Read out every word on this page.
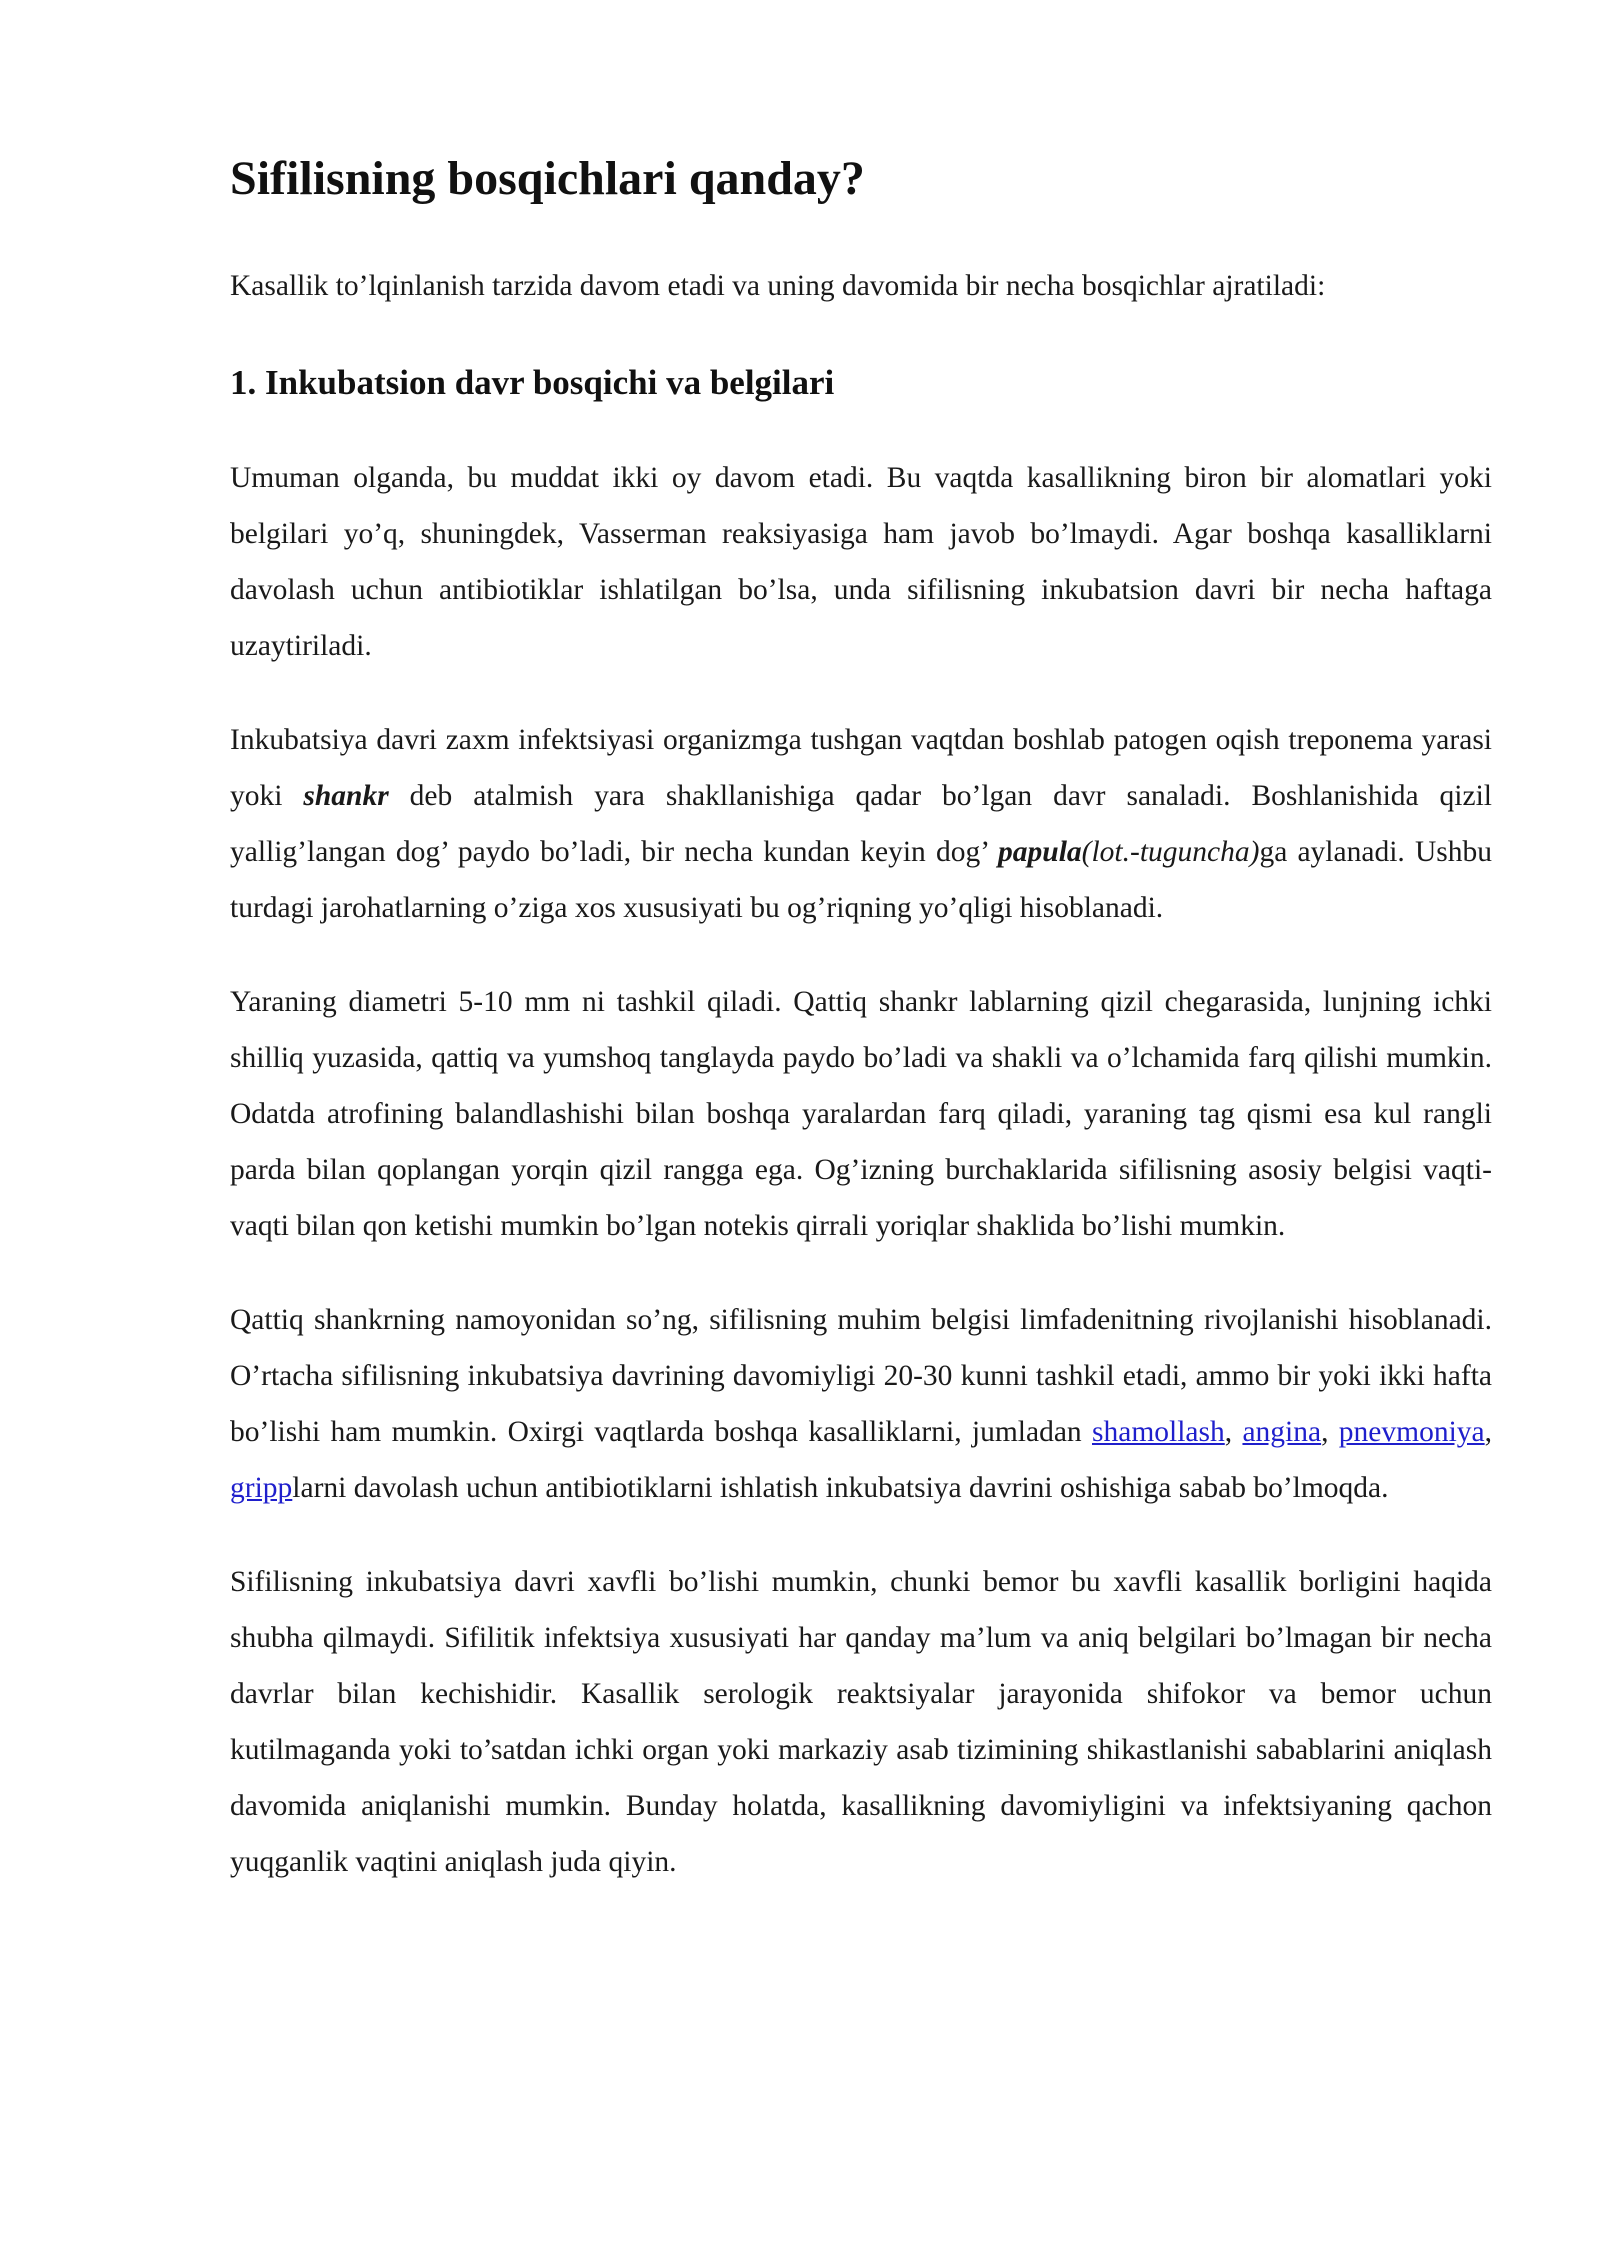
Sifilisning bosqichlari qanday?

Kasallik to’lqinlanish tarzida davom etadi va uning davomida bir necha bosqichlar ajratiladi:

1. Inkubatsion davr bosqichi va belgilari

Umuman olganda, bu muddat ikki oy davom etadi. Bu vaqtda kasallikning biron bir alomatlari yoki belgilari yo’q, shuningdek, Vasserman reaksiyasiga ham javob bo’lmaydi. Agar boshqa kasalliklarni davolash uchun antibiotiklar ishlatilgan bo’lsa, unda sifilisning inkubatsion davri bir necha haftaga uzaytiriladi.

Inkubatsiya davri zaxm infektsiyasi organizmga tushgan vaqtdan boshlab patogen oqish treponema yarasi yoki shankr deb atalmish yara shakllanishiga qadar bo’lgan davr sanaladi. Boshlanishida qizil yallig’langan dog’ paydo bo’ladi, bir necha kundan keyin dog’ papula(lot.-tuguncha)ga aylanadi. Ushbu turdagi jarohatlarning o’ziga xos xususiyati bu og’riqning yo’qligi hisoblanadi.

Yaraning diametri 5-10 mm ni tashkil qiladi. Qattiq shankr lablarning qizil chegarasida, lunjning ichki shilliq yuzasida, qattiq va yumshoq tanglayda paydo bo’ladi va shakli va o’lchamida farq qilishi mumkin. Odatda atrofining balandlashishi bilan boshqa yaralardan farq qiladi, yaraning tag qismi esa kul rangli parda bilan qoplangan yorqin qizil rangga ega. Og’izning burchaklarida sifilisning asosiy belgisi vaqti-vaqti bilan qon ketishi mumkin bo’lgan notekis qirrali yoriqlar shaklida bo’lishi mumkin.

Qattiq shankrning namoyonidan so’ng, sifilisning muhim belgisi limfadenitning rivojlanishi hisoblanadi. O’rtacha sifilisning inkubatsiya davrining davomiyligi 20-30 kunni tashkil etadi, ammo bir yoki ikki hafta bo’lishi ham mumkin. Oxirgi vaqtlarda boshqa kasalliklarni, jumladan shamollash, angina, pnevmoniya, gripplarni davolash uchun antibiotiklarni ishlatish inkubatsiya davrini oshishiga sabab bo’lmoqda.

Sifilisning inkubatsiya davri xavfli bo’lishi mumkin, chunki bemor bu xavfli kasallik borligini haqida shubha qilmaydi. Sifilitik infektsiya xususiyati har qanday ma’lum va aniq belgilari bo’lmagan bir necha davrlar bilan kechishidir. Kasallik serologik reaktsiyalar jarayonida shifokor va bemor uchun kutilmaganda yoki to’satdan ichki organ yoki markaziy asab tizimining shikastlanishi sabablarini aniqlash davomida aniqlanishi mumkin. Bunday holatda, kasallikning davomiyligini va infektsiyaning qachon yuqganlik vaqtini aniqlash juda qiyin.
